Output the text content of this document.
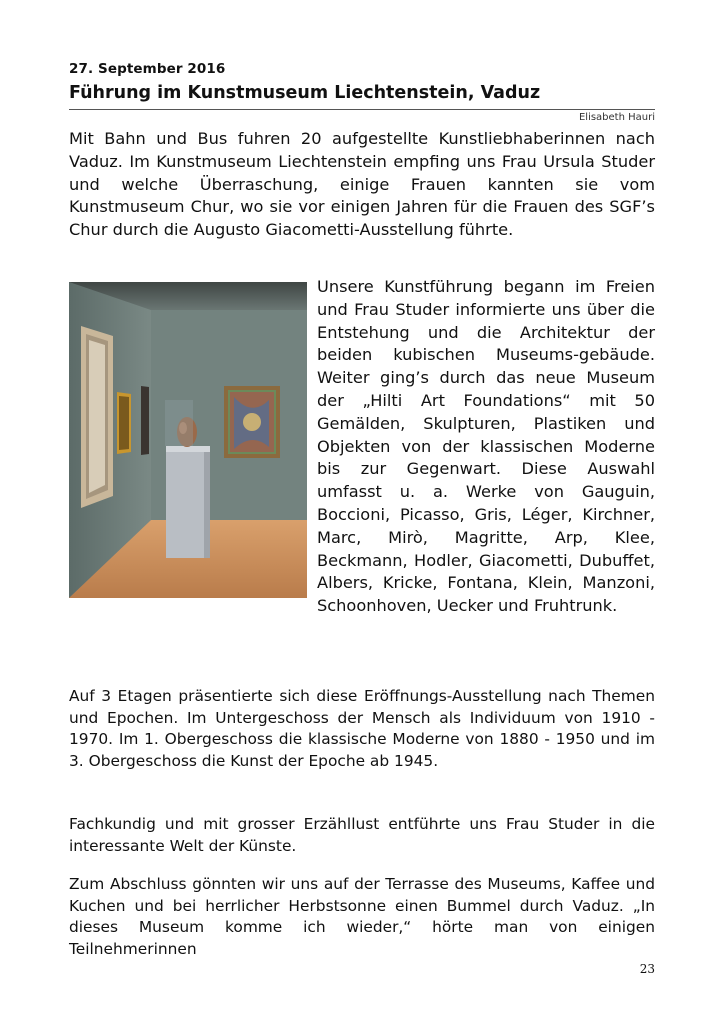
27. September 2016
Führung im Kunstmuseum Liechtenstein, Vaduz
Elisabeth Hauri

Mit Bahn und Bus fuhren 20 aufgestellte Kunstliebhaberinnen nach Vaduz. Im Kunstmuseum Liechtenstein empfing uns Frau Ursula Studer und welche Überraschung, einige Frauen kannten sie vom Kunstmuseum Chur, wo sie vor einigen Jahren für die Frauen des SGF’s Chur durch die Augusto Giacometti-Ausstellung führte.

Unsere Kunstführung begann im Freien und Frau Studer informierte uns über die Entstehung und die Architektur der beiden kubischen Museums-gebäude. Weiter ging’s durch das neue Museum der „Hilti Art Foundations“ mit 50 Gemälden, Skulpturen, Plastiken und Objekten von der klassischen Moderne bis zur Gegenwart. Diese Auswahl umfasst u. a. Werke von Gauguin, Boccioni, Picasso, Gris, Léger, Kirchner, Marc, Mirò, Magritte, Arp, Klee, Beckmann, Hodler, Giacometti, Dubuffet, Albers, Kricke, Fontana, Klein, Manzoni, Schoonhoven, Uecker und Fruhtrunk.

Auf 3 Etagen präsentierte sich diese Eröffnungs-Ausstellung nach Themen und Epochen. Im Untergeschoss der Mensch als Individuum von 1910 - 1970. Im 1. Obergeschoss die klassische Moderne von 1880 - 1950 und im 3. Obergeschoss die Kunst der Epoche ab 1945.

Fachkundig und mit grosser Erzähllust entführte uns Frau Studer in die interessante Welt der Künste.

Zum Abschluss gönnten wir uns auf der Terrasse des Museums, Kaffee und Kuchen und bei herrlicher Herbstsonne einen Bummel durch Vaduz. „In dieses Museum komme ich wieder,“ hörte man von einigen Teilnehmerinnen

23
